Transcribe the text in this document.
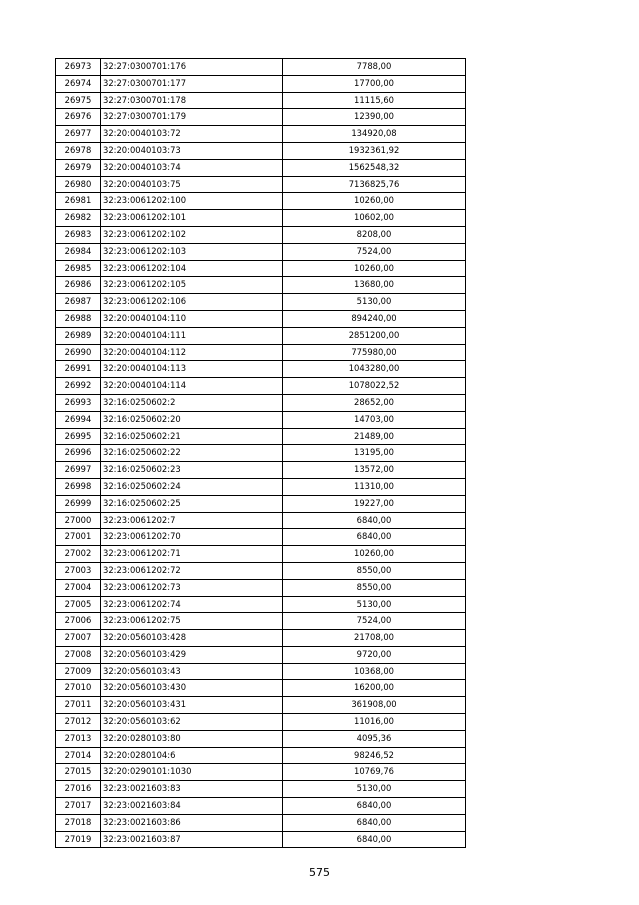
26973	32:27:0300701:176	7788,00
26974	32:27:0300701:177	17700,00
26975	32:27:0300701:178	11115,60
26976	32:27:0300701:179	12390,00
26977	32:20:0040103:72	134920,08
26978	32:20:0040103:73	1932361,92
26979	32:20:0040103:74	1562548,32
26980	32:20:0040103:75	7136825,76
26981	32:23:0061202:100	10260,00
26982	32:23:0061202:101	10602,00
26983	32:23:0061202:102	8208,00
26984	32:23:0061202:103	7524,00
26985	32:23:0061202:104	10260,00
26986	32:23:0061202:105	13680,00
26987	32:23:0061202:106	5130,00
26988	32:20:0040104:110	894240,00
26989	32:20:0040104:111	2851200,00
26990	32:20:0040104:112	775980,00
26991	32:20:0040104:113	1043280,00
26992	32:20:0040104:114	1078022,52
26993	32:16:0250602:2	28652,00
26994	32:16:0250602:20	14703,00
26995	32:16:0250602:21	21489,00
26996	32:16:0250602:22	13195,00
26997	32:16:0250602:23	13572,00
26998	32:16:0250602:24	11310,00
26999	32:16:0250602:25	19227,00
27000	32:23:0061202:7	6840,00
27001	32:23:0061202:70	6840,00
27002	32:23:0061202:71	10260,00
27003	32:23:0061202:72	8550,00
27004	32:23:0061202:73	8550,00
27005	32:23:0061202:74	5130,00
27006	32:23:0061202:75	7524,00
27007	32:20:0560103:428	21708,00
27008	32:20:0560103:429	9720,00
27009	32:20:0560103:43	10368,00
27010	32:20:0560103:430	16200,00
27011	32:20:0560103:431	361908,00
27012	32:20:0560103:62	11016,00
27013	32:20:0280103:80	4095,36
27014	32:20:0280104:6	98246,52
27015	32:20:0290101:1030	10769,76
27016	32:23:0021603:83	5130,00
27017	32:23:0021603:84	6840,00
27018	32:23:0021603:86	6840,00
27019	32:23:0021603:87	6840,00
575
